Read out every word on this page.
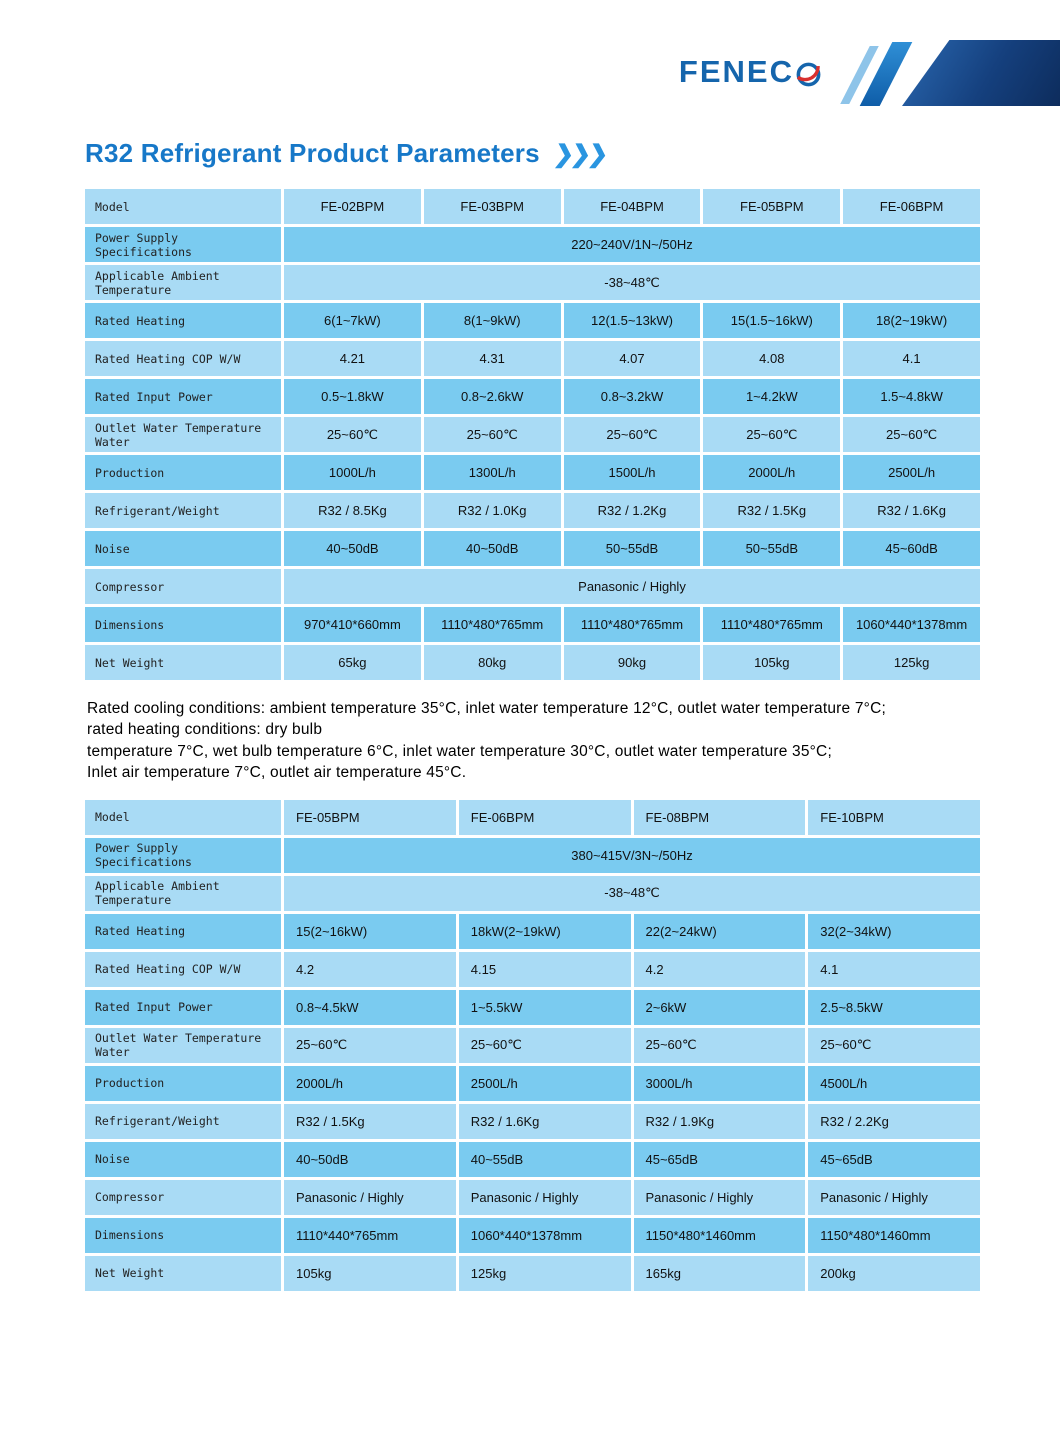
FENEC
R32 Refrigerant Product Parameters ❯❯❯
Model	FE-02BPM	FE-03BPM	FE-04BPM	FE-05BPM	FE-06BPM
Power Supply Specifications	220~240V/1N~/50Hz
Applicable Ambient Temperature	-38~48℃
Rated Heating	6(1~7kW)	8(1~9kW)	12(1.5~13kW)	15(1.5~16kW)	18(2~19kW)
Rated Heating COP W/W	4.21	4.31	4.07	4.08	4.1
Rated Input Power	0.5~1.8kW	0.8~2.6kW	0.8~3.2kW	1~4.2kW	1.5~4.8kW
Outlet Water Temperature Water	25~60℃	25~60℃	25~60℃	25~60℃	25~60℃
Production	1000L/h	1300L/h	1500L/h	2000L/h	2500L/h
Refrigerant/Weight	R32 / 8.5Kg	R32 / 1.0Kg	R32 / 1.2Kg	R32 / 1.5Kg	R32 / 1.6Kg
Noise	40~50dB	40~50dB	50~55dB	50~55dB	45~60dB
Compressor	Panasonic / Highly
Dimensions	970*410*660mm	1110*480*765mm	1110*480*765mm	1110*480*765mm	1060*440*1378mm
Net Weight	65kg	80kg	90kg	105kg	125kg
Rated cooling conditions: ambient temperature 35°C, inlet water temperature 12°C, outlet water temperature 7°C;
rated heating conditions: dry bulb
temperature 7°C, wet bulb temperature 6°C, inlet water temperature 30°C, outlet water temperature 35°C;
Inlet air temperature 7°C, outlet air temperature 45°C.
Model	FE-05BPM	FE-06BPM	FE-08BPM	FE-10BPM
Power Supply Specifications	380~415V/3N~/50Hz
Applicable Ambient Temperature	-38~48℃
Rated Heating	15(2~16kW)	18kW(2~19kW)	22(2~24kW)	32(2~34kW)
Rated Heating COP W/W	4.2	4.15	4.2	4.1
Rated Input Power	0.8~4.5kW	1~5.5kW	2~6kW	2.5~8.5kW
Outlet Water Temperature Water	25~60℃	25~60℃	25~60℃	25~60℃
Production	2000L/h	2500L/h	3000L/h	4500L/h
Refrigerant/Weight	R32 / 1.5Kg	R32 / 1.6Kg	R32 / 1.9Kg	R32 / 2.2Kg
Noise	40~50dB	40~55dB	45~65dB	45~65dB
Compressor	Panasonic / Highly	Panasonic / Highly	Panasonic / Highly	Panasonic / Highly
Dimensions	1110*440*765mm	1060*440*1378mm	1150*480*1460mm	1150*480*1460mm
Net Weight	105kg	125kg	165kg	200kg
